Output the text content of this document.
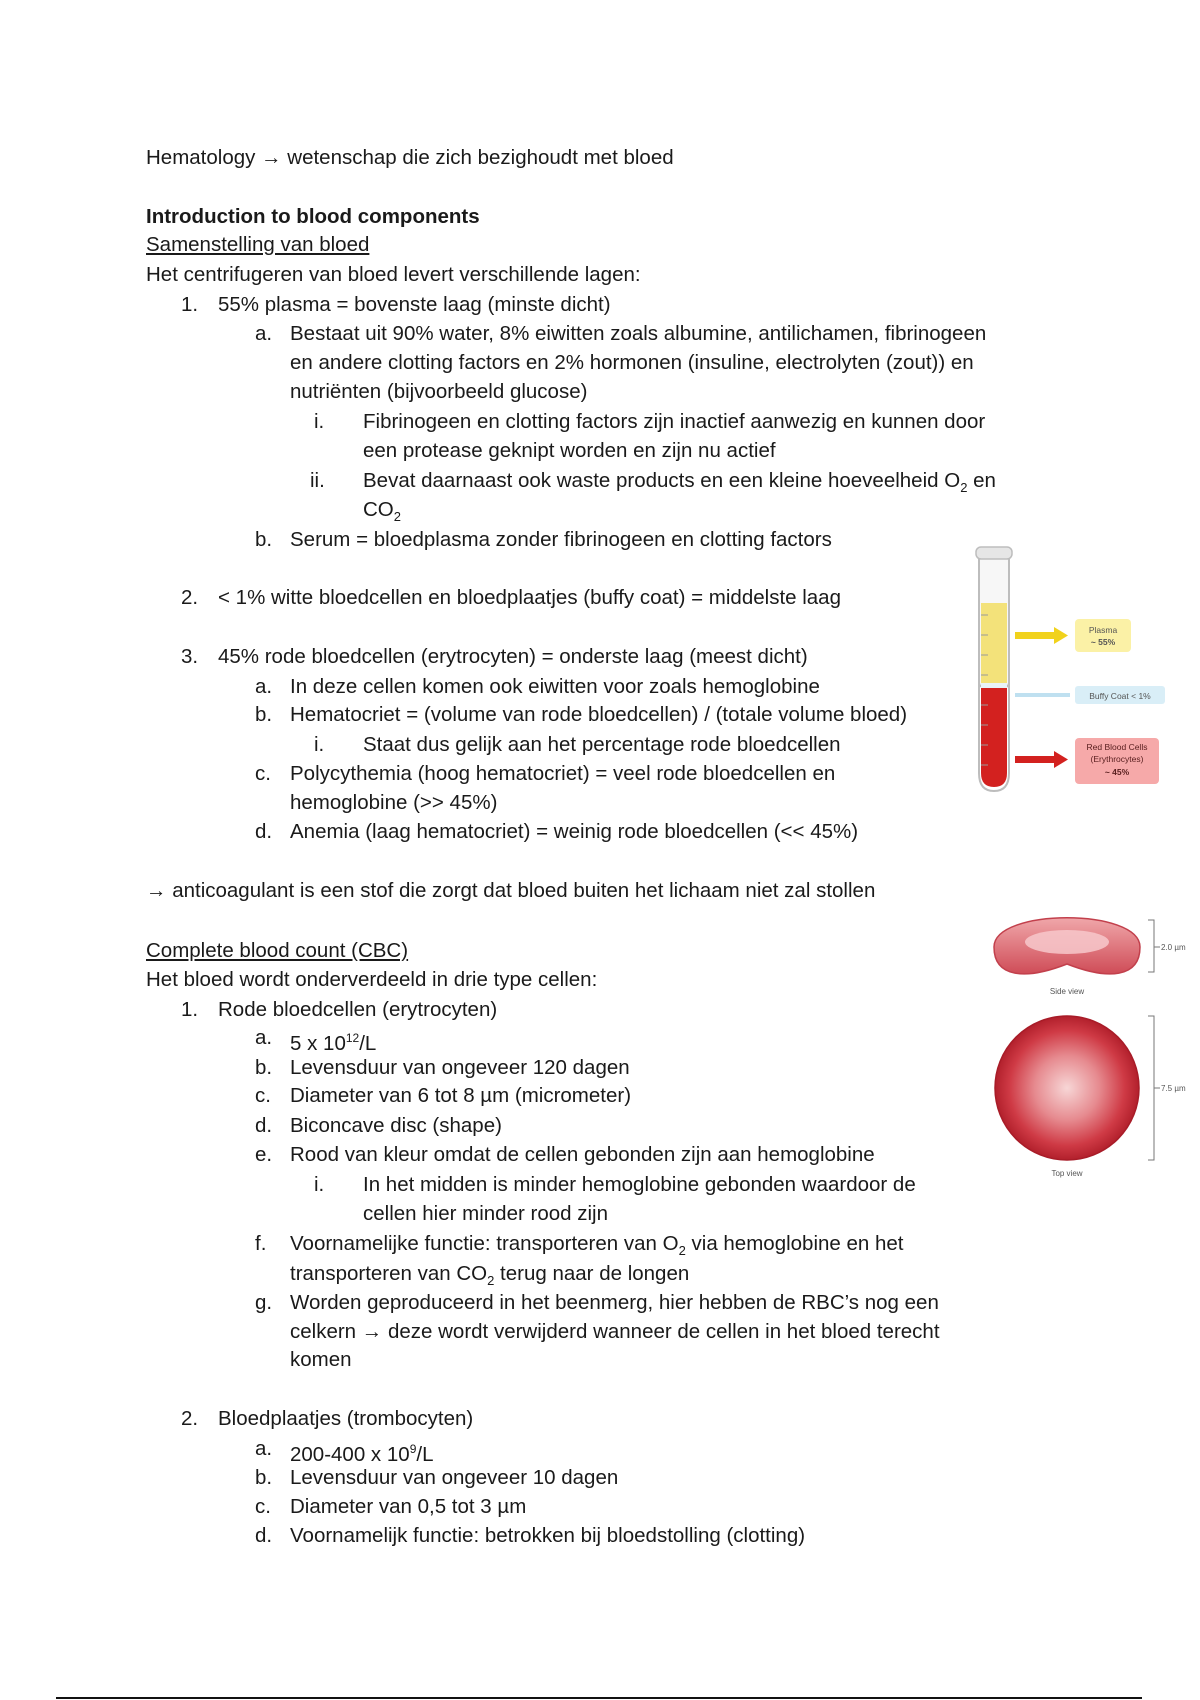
Hematology → wetenschap die zich bezighoudt met bloed
Introduction to blood components
Samenstelling van bloed
Het centrifugeren van bloed levert verschillende lagen:
1. 55% plasma = bovenste laag (minste dicht)
a. Bestaat uit 90% water, 8% eiwitten zoals albumine, antilichamen, fibrinogeen
en andere clotting factors en 2% hormonen (insuline, electrolyten (zout)) en
nutriënten (bijvoorbeeld glucose)
i. Fibrinogeen en clotting factors zijn inactief aanwezig en kunnen door
een protease geknipt worden en zijn nu actief
ii. Bevat daarnaast ook waste products en een kleine hoeveelheid $O_2$ en
$CO_2$
b. Serum = bloedplasma zonder fibrinogeen en clotting factors
2. < 1% witte bloedcellen en bloedplaatjes (buffy coat) = middelste laag
3. 45% rode bloedcellen (erytrocyten) = onderste laag (meest dicht)
a. In deze cellen komen ook eiwitten voor zoals hemoglobine
b. Hematocriet = (volume van rode bloedcellen) / (totale volume bloed)
i. Staat dus gelijk aan het percentage rode bloedcellen
c. Polycythemia (hoog hematocriet) = veel rode bloedcellen en
hemoglobine (>> 45%)
d. Anemia (laag hematocriet) = weinig rode bloedcellen (<< 45%)
→ anticoagulant is een stof die zorgt dat bloed buiten het lichaam niet zal stollen
Complete blood count (CBC)
Het bloed wordt onderverdeeld in drie type cellen:
1. Rode bloedcellen (erytrocyten)
a. 5 x $10^{12}/L$
b. Levensduur van ongeveer 120 dagen
c. Diameter van 6 tot 8 µm (micrometer)
d. Biconcave disc (shape)
e. Rood van kleur omdat de cellen gebonden zijn aan hemoglobine
i. In het midden is minder hemoglobine gebonden waardoor de
cellen hier minder rood zijn
f. Voornamelijke functie: transporteren van $O_2$ via hemoglobine en het
transporteren van $CO_2$ terug naar de longen
g. Worden geproduceerd in het beenmerg, hier hebben de RBC’s nog een
celkern → deze wordt verwijderd wanneer de cellen in het bloed terecht
komen
2. Bloedplaatjes (trombocyten)
a. 200-400 x $10^9/L$
b. Levensduur van ongeveer 10 dagen
c. Diameter van 0,5 tot 3 µm
d. Voornamelijk functie: betrokken bij bloedstolling (clotting)
Plasma
~ 55%
Buffy Coat < 1%
Red Blood Cells
(Erythrocytes)
~ 45%
2.0 µm
Side view
7.5 µm
Top view
